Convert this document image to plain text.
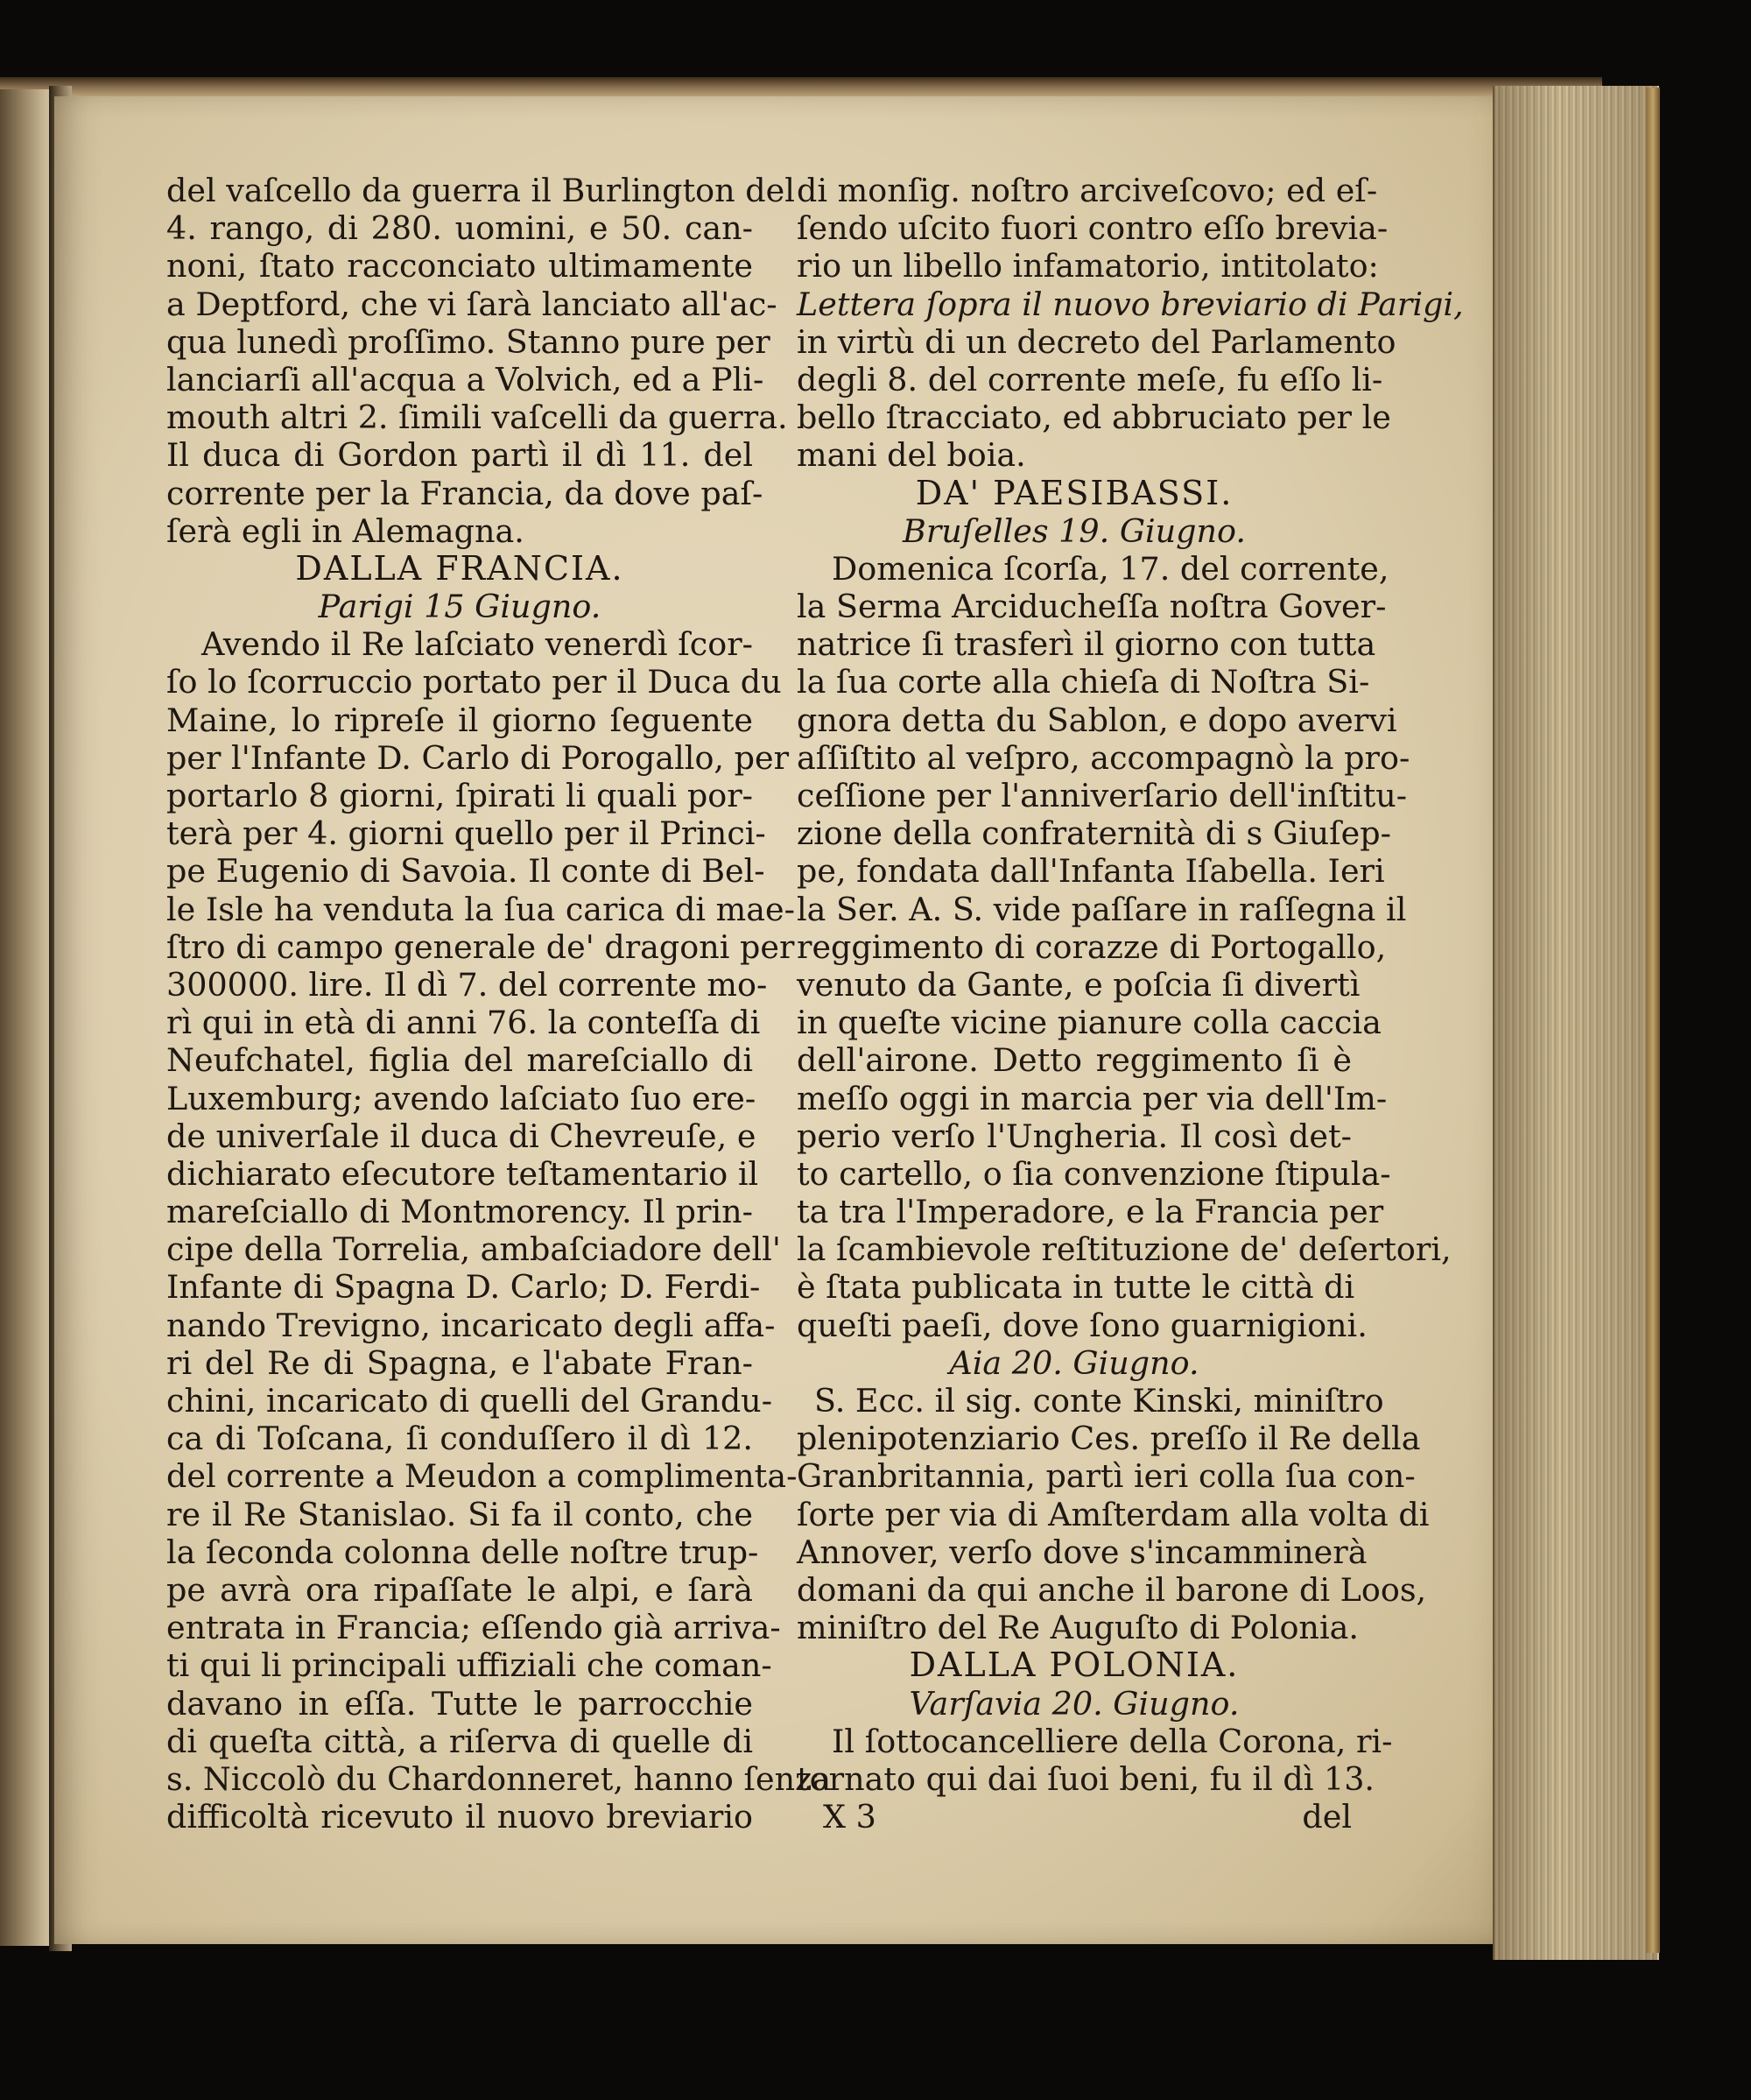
del vaſcello da guerra il Burlington del
4. rango, di 280. uomini, e 50. can-
noni, ſtato racconciato ultimamente
a Deptford, che vi ſarà lanciato all'ac-
qua lunedì proſſimo. Stanno pure per
lanciarſi all'acqua a Volvich, ed a Pli-
mouth altri 2. ſimili vaſcelli da guerra.
Il duca di Gordon partì il dì 11. del
corrente per la Francia, da dove paſ-
ſerà egli in Alemagna.
DALLA FRANCIA.
Parigi 15 Giugno.
Avendo il Re laſciato venerdì ſcor-
ſo lo ſcorruccio portato per il Duca du
Maine, lo ripreſe il giorno ſeguente
per l'Infante D. Carlo di Porogallo, per
portarlo 8 giorni, ſpirati li quali por-
terà per 4. giorni quello per il Princi-
pe Eugenio di Savoia. Il conte di Bel-
le Isle ha venduta la ſua carica di mae-
ſtro di campo generale de' dragoni per
300000. lire. Il dì 7. del corrente mo-
rì qui in età di anni 76. la conteſſa di
Neufchatel, figlia del mareſciallo di
Luxemburg; avendo laſciato ſuo ere-
de univerſale il duca di Chevreuſe, e
dichiarato eſecutore teſtamentario il
mareſciallo di Montmorency. Il prin-
cipe della Torrelia, ambaſciadore dell'
Infante di Spagna D. Carlo; D. Ferdi-
nando Trevigno, incaricato degli affa-
ri del Re di Spagna, e l'abate Fran-
chini, incaricato di quelli del Grandu-
ca di Toſcana, ſi conduſſero il dì 12.
del corrente a Meudon a complimenta-
re il Re Stanislao. Si fa il conto, che
la ſeconda colonna delle noſtre trup-
pe avrà ora ripaſſate le alpi, e ſarà
entrata in Francia; eſſendo già arriva-
ti qui li principali uffiziali che coman-
davano in eſſa. Tutte le parrocchie
di queſta città, a riſerva di quelle di
s. Niccolò du Chardonneret, hanno ſenza
difficoltà ricevuto il nuovo breviario
di monſig. noſtro arciveſcovo; ed eſ-
ſendo uſcito fuori contro eſſo brevia-
rio un libello infamatorio, intitolato:
Lettera ſopra il nuovo breviario di Parigi,
in virtù di un decreto del Parlamento
degli 8. del corrente meſe, fu eſſo li-
bello ſtracciato, ed abbruciato per le
mani del boia.
DA' PAESIBASSI.
Bruſelles 19. Giugno.
Domenica ſcorſa, 17. del corrente,
la Serma Arciducheſſa noſtra Gover-
natrice ſi trasferì il giorno con tutta
la ſua corte alla chieſa di Noſtra Si-
gnora detta du Sablon, e dopo avervi
aſſiſtito al veſpro, accompagnò la pro-
ceſſione per l'anniverſario dell'inſtitu-
zione della confraternità di s Giuſep-
pe, fondata dall'Infanta Iſabella. Ieri
la Ser. A. S. vide paſſare in raſſegna il
reggimento di corazze di Portogallo,
venuto da Gante, e poſcia ſi divertì
in queſte vicine pianure colla caccia
dell'airone. Detto reggimento ſi è
meſſo oggi in marcia per via dell'Im-
perio verſo l'Ungheria. Il così det-
to cartello, o ſia convenzione ſtipula-
ta tra l'Imperadore, e la Francia per
la ſcambievole reſtituzione de' deſertori,
è ſtata publicata in tutte le città di
queſti paeſi, dove ſono guarnigioni.
Aia 20. Giugno.
S. Ecc. il sig. conte Kinski, miniſtro
plenipotenziario Ces. preſſo il Re della
Granbritannia, partì ieri colla ſua con-
ſorte per via di Amſterdam alla volta di
Annover, verſo dove s'incamminerà
domani da qui anche il barone di Loos,
miniſtro del Re Auguſto di Polonia.
DALLA POLONIA.
Varſavia 20. Giugno.
Il ſottocancelliere della Corona, ri-
tornato qui dai ſuoi beni, fu il dì 13.
X 3	del
